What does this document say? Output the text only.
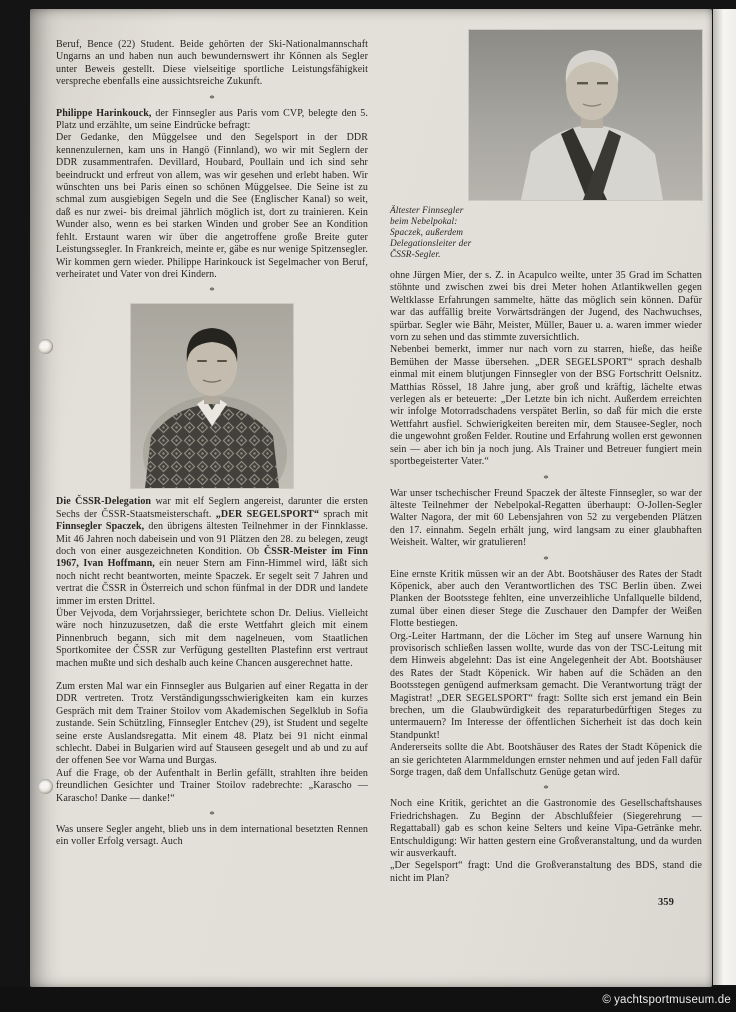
Beruf, Bence (22) Student. Beide gehörten der Ski-Nationalmannschaft Ungarns an und haben nun auch bewundernswert ihr Können als Segler unter Beweis gestellt. Diese vielseitige sportliche Leistungsfähigkeit verspreche ebenfalls eine aussichtsreiche Zukunft.

*

Philippe Harinkouck, der Finnsegler aus Paris vom CVP, belegte den 5. Platz und erzählte, um seine Eindrücke befragt:

Der Gedanke, den Müggelsee und den Segelsport in der DDR kennenzulernen, kam uns in Hangö (Finnland), wo wir mit Seglern der DDR zusammentrafen. Devillard, Houbard, Poullain und ich sind sehr beeindruckt und erfreut von allem, was wir gesehen und erlebt haben. Wir wünschten uns bei Paris einen so schönen Müggelsee. Die Seine ist zu schmal zum ausgiebigen Segeln und die See (Englischer Kanal) so weit, daß es nur zwei- bis dreimal jährlich möglich ist, dort zu trainieren. Kein Wunder also, wenn es bei starken Winden und grober See an Kondition fehlt. Erstaunt waren wir über die angetroffene große Breite guter Leistungssegler. In Frankreich, meinte er, gäbe es nur wenige Spitzensegler. Wir kommen gern wieder. Philippe Harinkouck ist Segelmacher von Beruf, verheiratet und Vater von drei Kindern.

*

Die ČSSR-Delegation war mit elf Seglern angereist, darunter die ersten Sechs der ČSSR-Staatsmeisterschaft. „DER SEGELSPORT“ sprach mit Finnsegler Spaczek, den übrigens ältesten Teilnehmer in der Finnklasse. Mit 46 Jahren noch dabeisein und von 91 Plätzen den 28. zu belegen, zeugt doch von einer ausgezeichneten Kondition. Ob ČSSR-Meister im Finn 1967, Ivan Hoffmann, ein neuer Stern am Finn-Himmel wird, läßt sich noch nicht recht beantworten, meinte Spaczek. Er segelt seit 7 Jahren und vertrat die ČSSR in Österreich und schon fünfmal in der DDR und landete immer im ersten Drittel.

Über Vejvoda, dem Vorjahrssieger, berichtete schon Dr. Delius. Vielleicht wäre noch hinzuzusetzen, daß die erste Wettfahrt gleich mit einem Pinnenbruch begann, sich mit dem nagelneuen, vom Staatlichen Sportkomitee der ČSSR zur Verfügung gestellten Plastefinn erst vertraut machen mußte und sich deshalb auch keine Chancen ausgerechnet hatte.

Zum ersten Mal war ein Finnsegler aus Bulgarien auf einer Regatta in der DDR vertreten. Trotz Verständigungsschwierigkeiten kam ein kurzes Gespräch mit dem Trainer Stoilov vom Akademischen Segelklub in Sofia zustande. Sein Schützling, Finnsegler Entchev (29), ist Student und segelte seine erste Auslandsregatta. Mit einem 48. Platz bei 91 nicht einmal schlecht. Dabei in Bulgarien wird auf Stauseen gesegelt und ab und zu auf der offenen See vor Warna und Burgas.

Auf die Frage, ob der Aufenthalt in Berlin gefällt, strahlten ihre beiden freundlichen Gesichter und Trainer Stoilov radebrechte: „Karascho — Karascho! Danke — danke!“

*

Was unsere Segler angeht, blieb uns in dem international besetzten Rennen ein voller Erfolg versagt. Auch

Ältester Finnsegler beim Nebelpokal: Spaczek, außerdem Delegationsleiter der ČSSR-Segler.

ohne Jürgen Mier, der s. Z. in Acapulco weilte, unter 35 Grad im Schatten stöhnte und zwischen zwei bis drei Meter hohen Atlantikwellen gegen Weltklasse Erfahrungen sammelte, hätte das möglich sein können. Dafür war das auffällig breite Vorwärtsdrängen der Jugend, des Nachwuchses, spürbar. Segler wie Bähr, Meister, Müller, Bauer u. a. waren immer wieder vorn zu sehen und das stimmte zuversichtlich.

Nebenbei bemerkt, immer nur nach vorn zu starren, hieße, das heiße Bemühen der Masse übersehen. „DER SEGELSPORT“ sprach deshalb einmal mit einem blutjungen Finnsegler von der BSG Fortschritt Oelsnitz. Matthias Rössel, 18 Jahre jung, aber groß und kräftig, lächelte etwas verlegen als er beteuerte: „Der Letzte bin ich nicht. Außerdem erreichten wir infolge Motorradschadens verspätet Berlin, so daß für mich die erste Wettfahrt ausfiel. Schwierigkeiten bereiten mir, dem Stausee-Segler, noch die ungewohnt großen Felder. Routine und Erfahrung wollen erst gewonnen sein — aber ich bin ja noch jung. Als Trainer und Betreuer fungiert mein sportbegeisterter Vater.“

*

War unser tschechischer Freund Spaczek der älteste Finnsegler, so war der älteste Teilnehmer der Nebelpokal-Regatten überhaupt: O-Jollen-Segler Walter Nagora, der mit 60 Lebensjahren von 52 zu vergebenden Plätzen den 17. einnahm. Segeln erhält jung, wird langsam zu einer glaubhaften Weisheit. Walter, wir gratulieren!

*

Eine ernste Kritik müssen wir an der Abt. Bootshäuser des Rates der Stadt Köpenick, aber auch den Verantwortlichen des TSC Berlin üben. Zwei Planken der Bootsstege fehlten, eine unverzeihliche Unfallquelle bildend, zumal über einen dieser Stege die Zuschauer den Dampfer der Weißen Flotte bestiegen.

Org.-Leiter Hartmann, der die Löcher im Steg auf unsere Warnung hin provisorisch schließen lassen wollte, wurde das von der TSC-Leitung mit dem Hinweis abgelehnt: Das ist eine Angelegenheit der Abt. Bootshäuser des Rates der Stadt Köpenick. Wir haben auf die Schäden an den Bootsstegen genügend aufmerksam gemacht. Die Verantwortung trägt der Magistrat! „DER SEGELSPORT“ fragt: Sollte sich erst jemand ein Bein brechen, um die Glaubwürdigkeit des reparaturbedürftigen Steges zu untermauern? Im Interesse der öffentlichen Sicherheit ist das doch kein Standpunkt!

Andererseits sollte die Abt. Bootshäuser des Rates der Stadt Köpenick die an sie gerichteten Alarmmeldungen ernster nehmen und auf jeden Fall dafür Sorge tragen, daß dem Unfallschutz Genüge getan wird.

*

Noch eine Kritik, gerichtet an die Gastronomie des Gesellschaftshauses Friedrichshagen. Zu Beginn der Abschlußfeier (Siegerehrung — Regattaball) gab es schon keine Selters und keine Vipa-Getränke mehr. Entschuldigung: Wir hatten gestern eine Großveranstaltung, und da wurden wir ausverkauft.

„Der Segelsport“ fragt: Und die Großveranstaltung des BDS, stand die nicht im Plan?

359
© yachtsportmuseum.de
